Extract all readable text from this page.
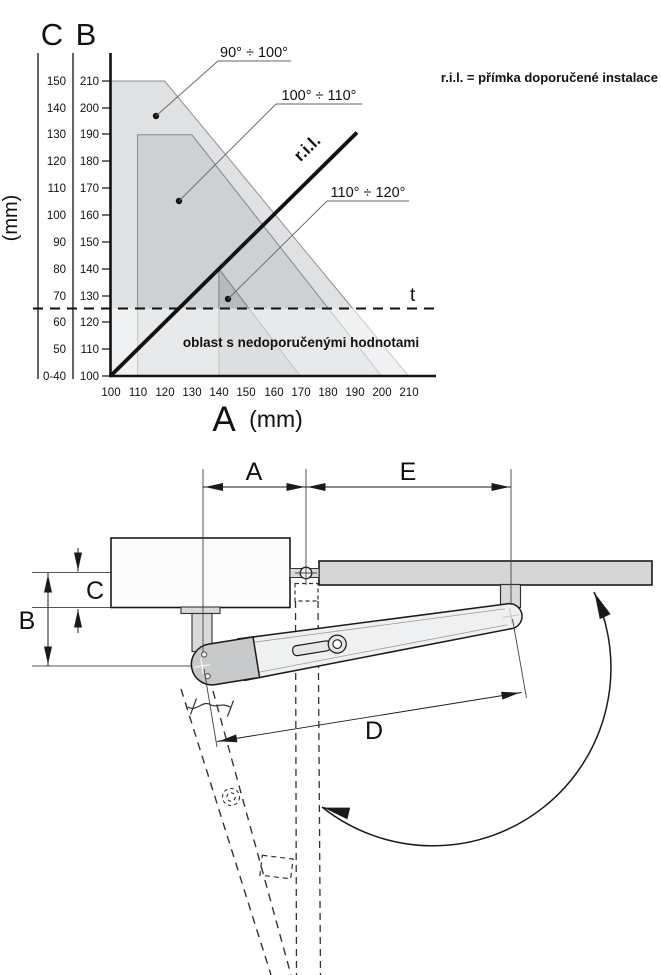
r.i.l.
t
210
200
190
180
170
160
150
140
130
120
110
100
150
140
130
120
110
100
90
80
70
60
50
0-40
100 110 120 130 140 150 160 170 180 190 200 210
C B
(mm)
A (mm)
90° ÷ 100°
100° ÷ 110°
110° ÷ 120°
r.i.l. = přímka doporučené instalace
oblast s nedoporučenými hodnotami
A	E
B
C
D
